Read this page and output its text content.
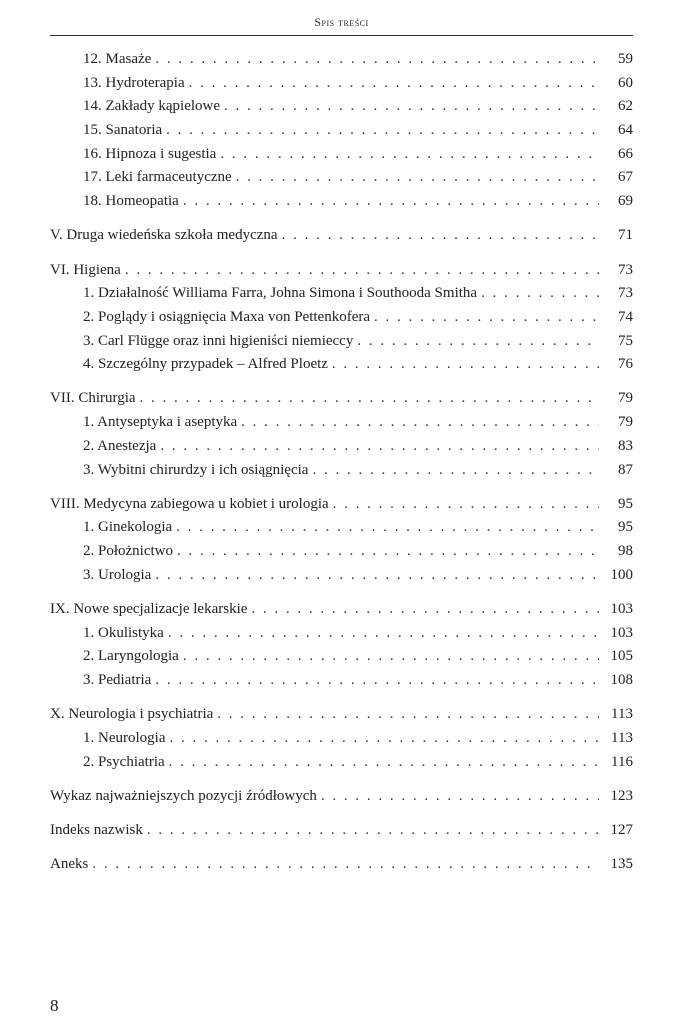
Spis treści
12. Masaże . . .	59
13. Hydroterapia . . .	60
14. Zakłady kąpielowe . . .	62
15. Sanatoria . . .	64
16. Hipnoza i sugestia . . .	66
17. Leki farmaceutyczne . . .	67
18. Homeopatia . . .	69
V. Druga wiedeńska szkoła medyczna . . .	71
VI. Higiena . . .	73
1. Działalność Williama Farra, Johna Simona i Southooda Smitha . . .	73
2. Poglądy i osiągnięcia Maxa von Pettenkofera . . .	74
3. Carl Flügge oraz inni higieniści niemieccy . . .	75
4. Szczególny przypadek – Alfred Ploetz . . .	76
VII. Chirurgia . . .	79
1. Antyseptyka i aseptyka . . .	79
2. Anestezja . . .	83
3. Wybitni chirurdzy i ich osiągnięcia . . .	87
VIII. Medycyna zabiegowa u kobiet i urologia . . .	95
1. Ginekologia . . .	95
2. Położnictwo . . .	98
3. Urologia . . .	100
IX. Nowe specjalizacje lekarskie . . .	103
1. Okulistyka . . .	103
2. Laryngologia . . .	105
3. Pediatria . . .	108
X. Neurologia i psychiatria . . .	113
1. Neurologia . . .	113
2. Psychiatria . . .	116
Wykaz najważniejszych pozycji źródłowych . . .	123
Indeks nazwisk . . .	127
Aneks . . .	135
8
